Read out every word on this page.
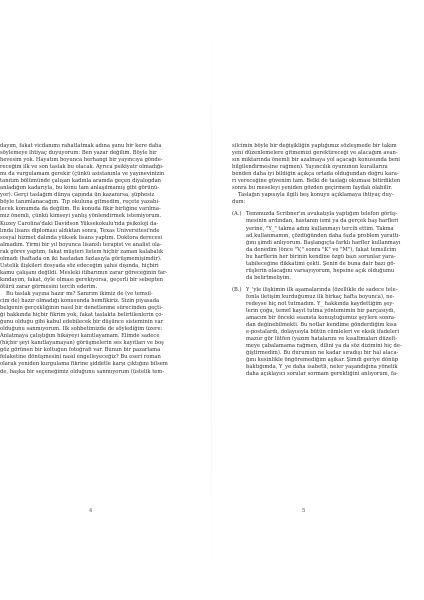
dayım, fakat vicdanımı rahatlatmak adına şunu bir kere daha
söylemeye ihtiyaç duyuyorum: Ben yazar değilim. Böyle bir
hevesim yok. Hayatım boyunca herhangi bir yayıncıya gönde-
receğim ilk ve son taslak bu olacak. Ayrıca psikiyatr olmadığı-
mı da vurgulamam gerekir (çünkü asistanınla ve yayınevinizin
tanıtım bölümünde çalışan kadınla aramda geçen diyalogdan
anladığım kadarıyla, bu konu tam anlaşılmamış gibi görünü-
yor). Gerçi taslağım dünya çapında ün kazanırsa, şüphesiz
böyle tanımlanacağım. Tıp okuluna gitmedim, reçete yazabi-
lecek konumda da değilim. Bu konuda fikir birliğine varılma-
mız önemli, çünkü kimseyi yanlış yönlendirmek istemiyorum.
Kuzey Carolina'daki Davidson Yüksekokulu'nda psikoloji da-
lında lisans diploması aldıktan sonra, Texas Üniversitesi'nde
sosyal hizmet dalında yüksek lisans yaptım. Doktora derecesi
almadım. Yirmi bir yıl boyunca lisanslı terapist ve analist ola-
rak görev yaptım, fakat müşteri listem hiçbir zaman kalabalık
olmadı (haftada on iki hastadan fazlasıyla görüşmemişimdir).
Üstelik ilişkileri dosyada söz edeceğim şahıs dışında, hiçbiri
kamu çalışanı değildi. Mesleki itibarımın zarar göreceğinin far-
kındayım, fakat, öyle olması gerekiyorsa, geçerli bir sebepten
ötürü zarar görmesini tercih ederim.
Bu taslak yayına hazır mı? Sanırım ikimiz de (ve temsil-
cim de) hazır olmadığı konusunda hemfikiriz. Sizin piyasada
belgenin gerçekliğinin nasıl bir denetlenme sürecinden geçti-
ği hakkında hiçbir fikrim yok, fakat taslakta belirtilenlerin ço-
ğunu olduğu gibi kabul edebilecek bir düşünce sisteminin var
olduğunu sanmıyorum. İlk sohbetimizde de söylediğim üzere:
Anlatmaya çalıştığım hikâyeyi kanıtlayamam. Elimde sadece
(hiçbir şeyi kanıtlayamayan) görüşmelerin ses kayıtları ve boş
göz görünen bir koltuğun fotoğrafı var. Bunun bir pazarlama
felaketine dönüşmesini nasıl engelleyeceğiz? Bu eseri roman
olarak yeniden kurgulama fikrine şiddetle karşı çıktığını bilsem
de, başka bir seçeneğimiz olduğunu sanmıyorum (üstelik tem-
4
silcimin böyle bir değişikliğin yaptığımız sözleşmede bir takım
yeni düzenlemelere gitmemizi gerektireceği ve alacağım avan-
sın miktarında önemli bir azalmaya yol açacağı konusunda beni
bilgilendirmesine rağmen). Yayıncılık oyununun kurallarını
benden daha iyi bildiğin açıkça ortada olduğundan doğru kara-
rı vereceğine güvenim tam. Belki de taslağı okuması bitirdikten
sonra bu meseleyi yeniden gözden geçirmem faydalı olabilir.
Taslağın yapısıyla ilgili beş konuyu açıklamaya ihtiyaç duy-
dum:
(A.) Temmuzda Scribner'ın avukatıyla yaptığım telefon görüş-
mesinin ardından, hastanın ismi ya da gerçek baş harfleri
yerine, "Y_" takma adını kullanmayı tercih ettim. Takma
ad kullanmamın, çözdüğünden daha fazla problem yarattı-
ğını şimdi anlıyorum. Başlangıçta farklı harfler kullanmayı
da denedim (önce "V," sonra "K" ve "M"), fakat temsilcim
bu harflerin her birinin kendine özgü bazı sorunlar yara-
tabileceğine dikkatimi çekti. Şenin de buna dair bazı gö-
rüşlerin olacağını varsayıyorum, hepsine açık olduğumu
da belirtmeliyim.
(B.) Y_'yle ilişkimin ilk aşamalarında (özellikle de sadece tele-
fonla iletişim kurduğumuz ilk birkaç hafta boyunca), ne-
redeyse hiç not tutmadım. Y_ hakkında kaydettiğim şey-
lerin çoğu, temel kayıt tutma yöntemimin bir parçasıydı,
amacım bir önceki seansta konuştuğumuz şeylere sonra-
dan değinebilmekti. Bu notlar kendime gönderdiğim kısa
e-postalardı, dolayısıyla bütün cümleleri ve eksik ifadeleri
mazur gör lütfen (yazım hatalarını ve kısaltmaları düzelt-
meye çabalamama rağmen, dilini ya da söz dizimini hiç de-
ğiştirmedim). Bu durumun ne kadar sıradışı bir hal alaca-
ğını kesinlikle öngöremediğim aşikar. Şimdi geriye dönüp
baktığımda, Y_ye daha isabetli, neler yaşandığına yönelik
daha açıklayıcı sorular sormam gerektiğini anlıyorum, fa-
5
